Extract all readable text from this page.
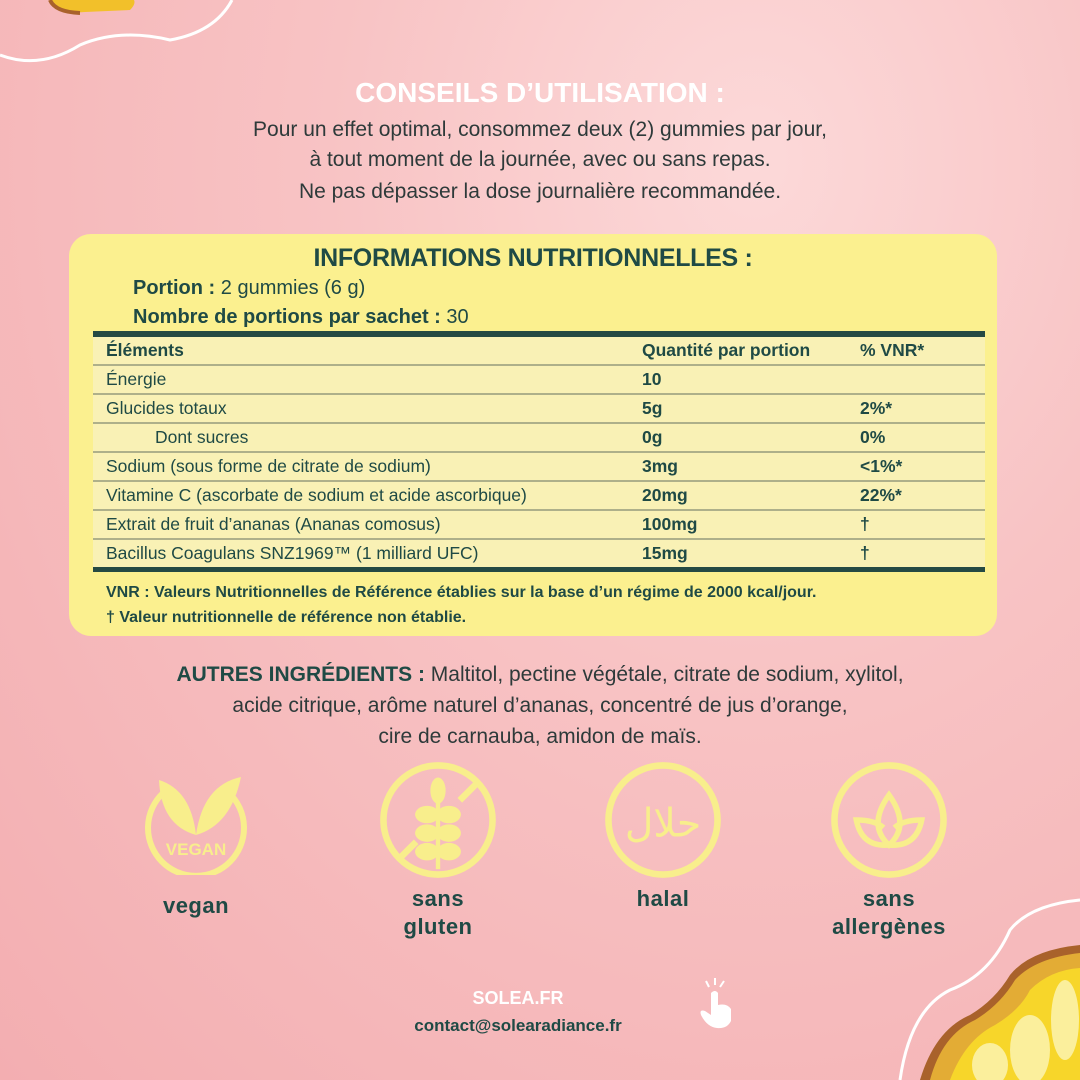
CONSEILS D’UTILISATION :
Pour un effet optimal, consommez deux (2) gummies par jour,
à tout moment de la journée, avec ou sans repas.
Ne pas dépasser la dose journalière recommandée.
INFORMATIONS NUTRITIONNELLES :
Portion : 2 gummies (6 g)
Nombre de portions par sachet : 30
Éléments	Quantité par portion	% VNR*
Énergie	10	
Glucides totaux	5g	2%*
Dont sucres	0g	0%
Sodium (sous forme de citrate de sodium)	3mg	<1%*
Vitamine C (ascorbate de sodium et acide ascorbique)	20mg	22%*
Extrait de fruit d’ananas (Ananas comosus)	100mg	†
Bacillus Coagulans SNZ1969™ (1 milliard UFC)	15mg	†
VNR : Valeurs Nutritionnelles de Référence établies sur la base d’un régime de 2000 kcal/jour.
† Valeur nutritionnelle de référence non établie.
AUTRES INGRÉDIENTS : Maltitol, pectine végétale, citrate de sodium, xylitol,
acide citrique, arôme naturel d’ananas, concentré de jus d’orange,
cire de carnauba, amidon de maïs.
VEGAN
vegan	sans
gluten
حلال
halal	sans
allergènes
SOLEA.FR
contact@solearadiance.fr
